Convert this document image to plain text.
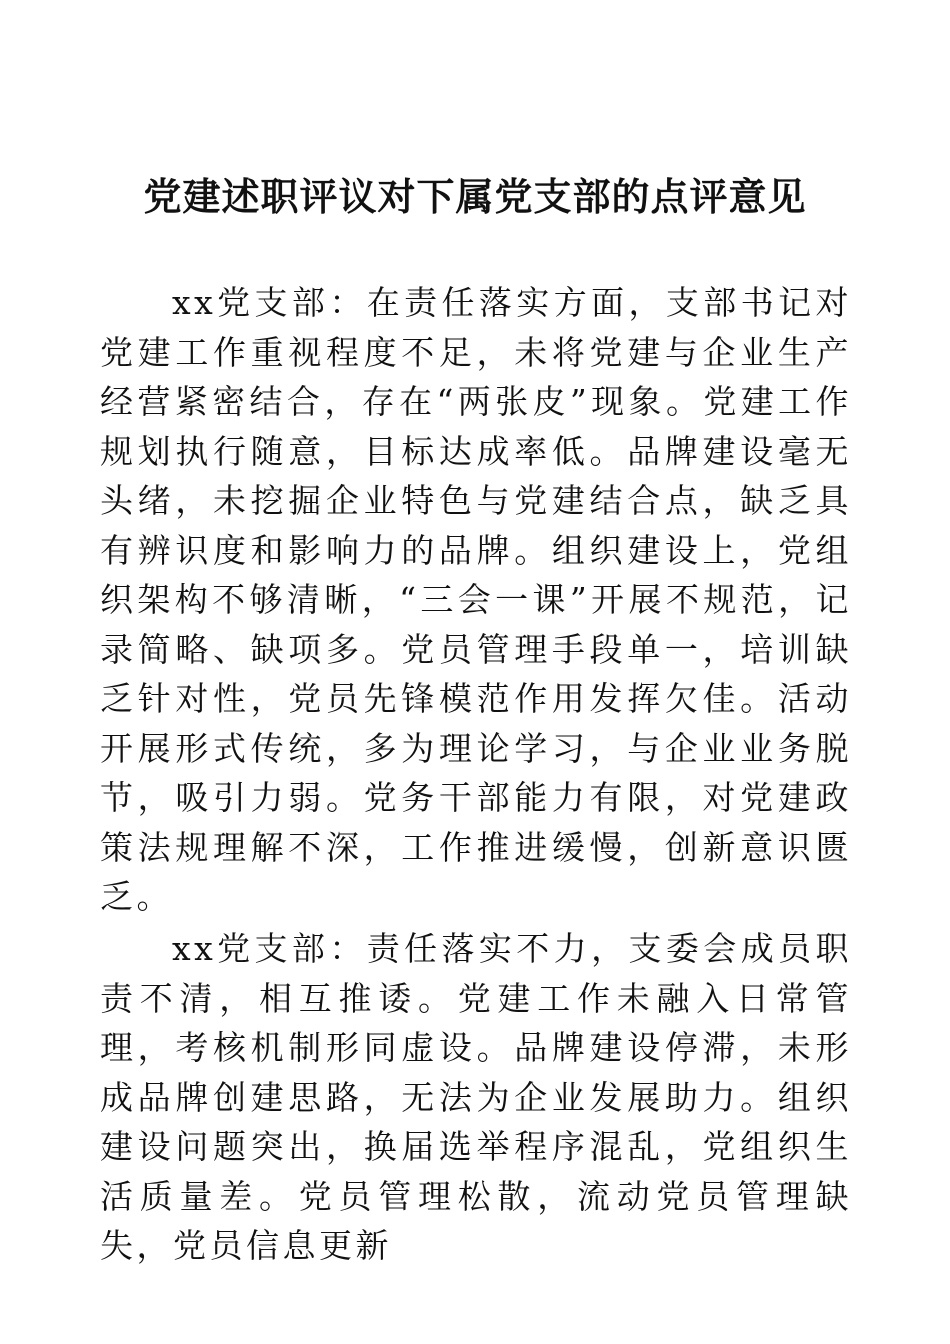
党建述职评议对下属党支部的点评意见
xx党支部：在责任落实方面，支部书记对党建工作重视程度不足，未将党建与企业生产经营紧密结合，存在“两张皮”现象。党建工作规划执行随意，目标达成率低。品牌建设毫无头绪，未挖掘企业特色与党建结合点，缺乏具有辨识度和影响力的品牌。组织建设上，党组织架构不够清晰，“三会一课”开展不规范，记录简略、缺项多。党员管理手段单一，培训缺乏针对性，党员先锋模范作用发挥欠佳。活动开展形式传统，多为理论学习，与企业业务脱节，吸引力弱。党务干部能力有限，对党建政策法规理解不深，工作推进缓慢，创新意识匮乏。
xx党支部：责任落实不力，支委会成员职责不清，相互推诿。党建工作未融入日常管理，考核机制形同虚设。品牌建设停滞，未形成品牌创建思路，无法为企业发展助力。组织建设问题突出，换届选举程序混乱，党组织生活质量差。党员管理松散，流动党员管理缺失，党员信息更新
